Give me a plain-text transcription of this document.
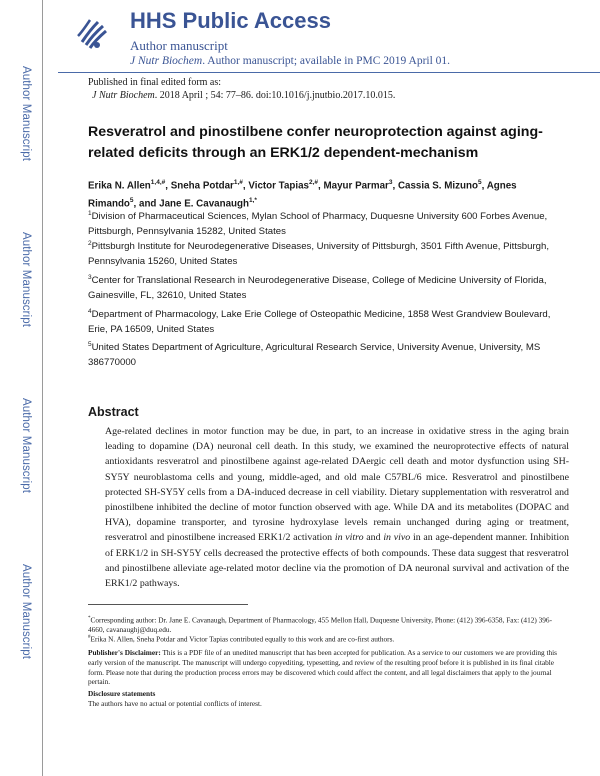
Author Manuscript
Author Manuscript
Author Manuscript
Author Manuscript
HHS Public Access
Author manuscript
J Nutr Biochem. Author manuscript; available in PMC 2019 April 01.
Published in final edited form as:
J Nutr Biochem. 2018 April ; 54: 77–86. doi:10.1016/j.jnutbio.2017.10.015.
Resveratrol and pinostilbene confer neuroprotection against aging-related deficits through an ERK1/2 dependent-mechanism
Erika N. Allen$^{1,4,\#}$, Sneha Potdar$^{1,\#}$, Victor Tapias$^{2,\#}$, Mayur Parmar$^3$, Cassia S. Mizuno$^5$, Agnes Rimando$^5$, and Jane E. Cavanaugh$^{1,*}$
$^1$Division of Pharmaceutical Sciences, Mylan School of Pharmacy, Duquesne University 600 Forbes Avenue, Pittsburgh, Pennsylvania 15282, United States
$^2$Pittsburgh Institute for Neurodegenerative Diseases, University of Pittsburgh, 3501 Fifth Avenue, Pittsburgh, Pennsylvania 15260, United States
$^3$Center for Translational Research in Neurodegenerative Disease, College of Medicine University of Florida, Gainesville, FL, 32610, United States
$^4$Department of Pharmacology, Lake Erie College of Osteopathic Medicine, 1858 West Grandview Boulevard, Erie, PA 16509, United States
$^5$United States Department of Agriculture, Agricultural Research Service, University Avenue, University, MS 386770000
Abstract

Age-related declines in motor function may be due, in part, to an increase in oxidative stress in the aging brain leading to dopamine (DA) neuronal cell death. In this study, we examined the neuroprotective effects of natural antioxidants resveratrol and pinostilbene against age-related DAergic cell death and motor dysfunction using SH-SY5Y neuroblastoma cells and young, middle-aged, and old male C57BL/6 mice. Resveratrol and pinostilbene protected SH-SY5Y cells from a DA-induced decrease in cell viability. Dietary supplementation with resveratrol and pinostilbene inhibited the decline of motor function observed with age. While DA and its metabolites (DOPAC and HVA), dopamine transporter, and tyrosine hydroxylase levels remain unchanged during aging or treatment, resveratrol and pinostilbene increased ERK1/2 activation in vitro and in vivo in an age-dependent manner. Inhibition of ERK1/2 in SH-SY5Y cells decreased the protective effects of both compounds. These data suggest that resveratrol and pinostilbene alleviate age-related motor decline via the promotion of DA neuronal survival and activation of the ERK1/2 pathways.

*Corresponding author: Dr. Jane E. Cavanaugh, Department of Pharmacology, 455 Mellon Hall, Duquesne University, Phone: (412) 396-6358, Fax: (412) 396-4660, cavanaughj@duq.edu.
#Erika N. Allen, Sneha Potdar and Victor Tapias contributed equally to this work and are co-first authors.
Publisher's Disclaimer: This is a PDF file of an unedited manuscript that has been accepted for publication. As a service to our customers we are providing this early version of the manuscript. The manuscript will undergo copyediting, typesetting, and review of the resulting proof before it is published in its final citable form. Please note that during the production process errors may be discovered which could affect the content, and all legal disclaimers that apply to the journal pertain.
Disclosure statements
The authors have no actual or potential conflicts of interest.
